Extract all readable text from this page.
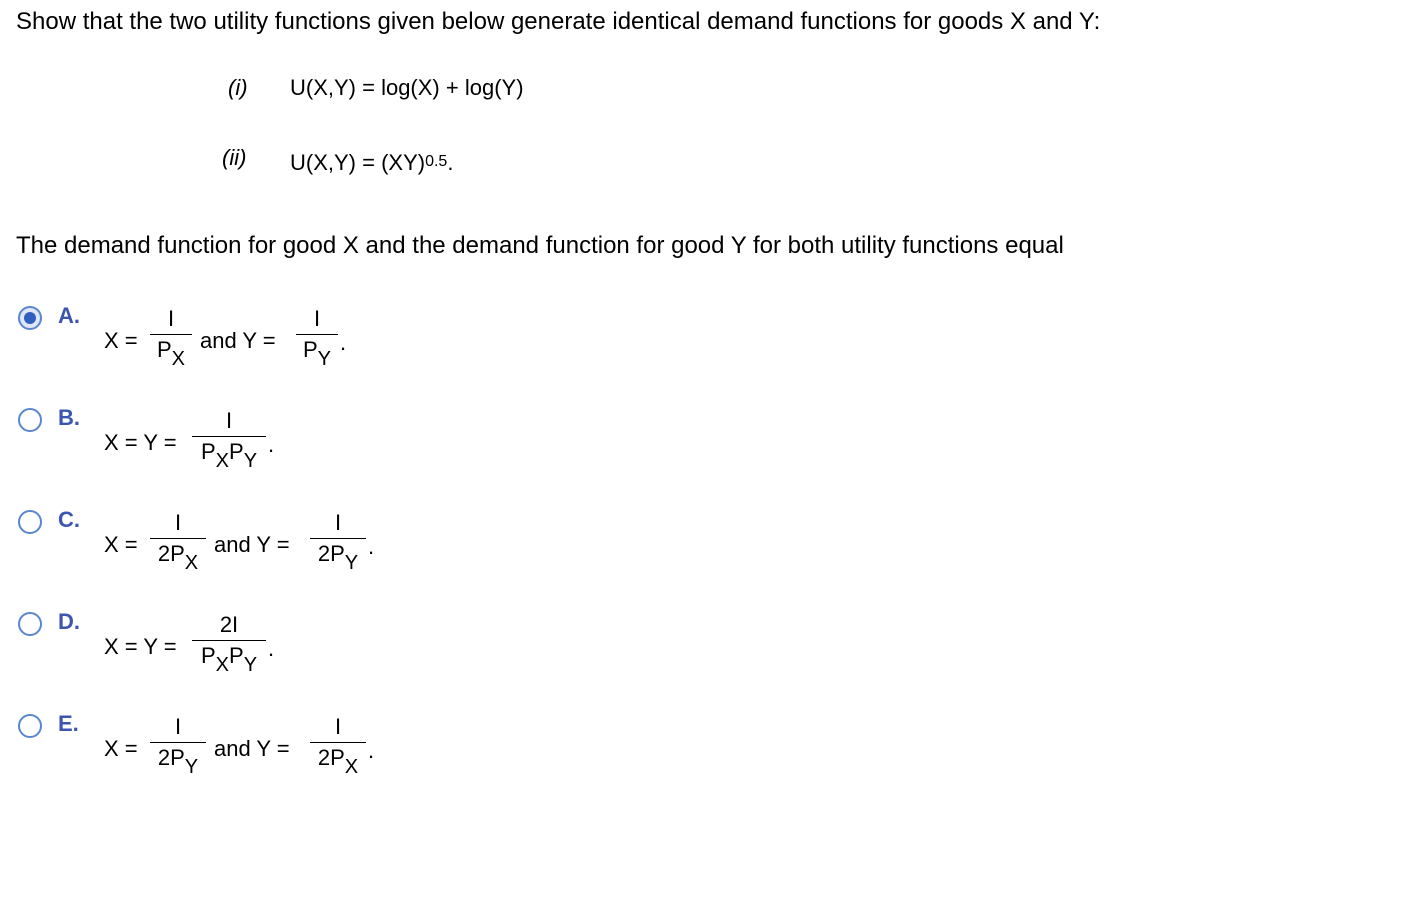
Show that the two utility functions given below generate identical demand functions for goods X and Y:
(i) U(X,Y) = log(X) + log(Y)
(ii) U(X,Y) = (XY)$^{0.5}$.
The demand function for good X and the demand function for good Y for both utility functions equal
A.
X =
I
$P_X$
and Y =
I
$P_Y$
.
B.
X = Y =
I
$P_XP_Y$
.
C.
X =
I
$2P_X$
and Y =
I
$2P_Y$
.
D.
X = Y =
2I
$P_XP_Y$
.
E.
X =
I
$2P_Y$
and Y =
I
$2P_X$
.
